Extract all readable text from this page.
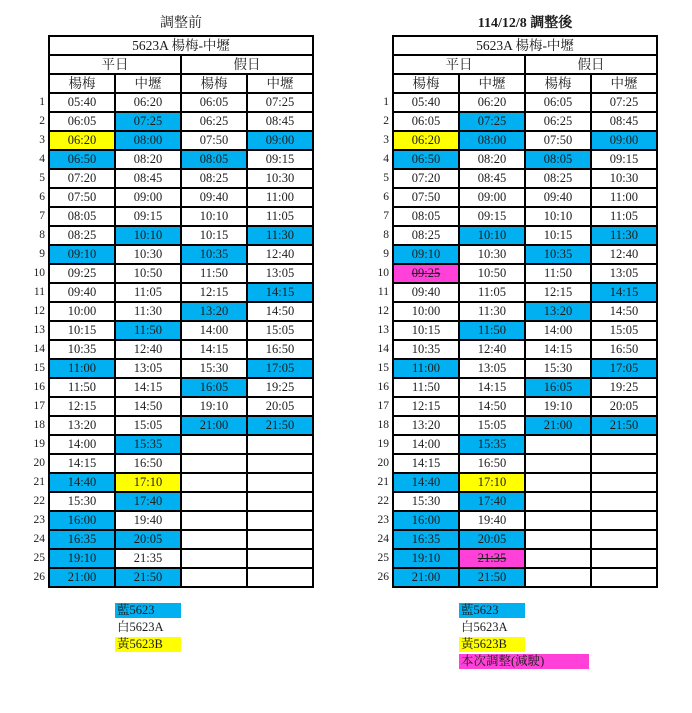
調整前
	5623A 楊梅-中壢			
	平日		假日	
	楊梅	中壢	楊梅	中壢
1	05:40	06:20	06:05	07:25
2	06:05	07:25	06:25	08:45
3	06:20	08:00	07:50	09:00
4	06:50	08:20	08:05	09:15
5	07:20	08:45	08:25	10:30
6	07:50	09:00	09:40	11:00
7	08:05	09:15	10:10	11:05
8	08:25	10:10	10:15	11:30
9	09:10	10:30	10:35	12:40
10	09:25	10:50	11:50	13:05
11	09:40	11:05	12:15	14:15
12	10:00	11:30	13:20	14:50
13	10:15	11:50	14:00	15:05
14	10:35	12:40	14:15	16:50
15	11:00	13:05	15:30	17:05
16	11:50	14:15	16:05	19:25
17	12:15	14:50	19:10	20:05
18	13:20	15:05	21:00	21:50
19	14:00	15:35		
20	14:15	16:50		
21	14:40	17:10		
22	15:30	17:40		
23	16:00	19:40		
24	16:35	20:05		
25	19:10	21:35		
26	21:00	21:50		
藍5623
白5623A
黃5623B
114/12/8 調整後
	5623A 楊梅-中壢			
	平日		假日	
	楊梅	中壢	楊梅	中壢
1	05:40	06:20	06:05	07:25
2	06:05	07:25	06:25	08:45
3	06:20	08:00	07:50	09:00
4	06:50	08:20	08:05	09:15
5	07:20	08:45	08:25	10:30
6	07:50	09:00	09:40	11:00
7	08:05	09:15	10:10	11:05
8	08:25	10:10	10:15	11:30
9	09:10	10:30	10:35	12:40
10	09:25	10:50	11:50	13:05
11	09:40	11:05	12:15	14:15
12	10:00	11:30	13:20	14:50
13	10:15	11:50	14:00	15:05
14	10:35	12:40	14:15	16:50
15	11:00	13:05	15:30	17:05
16	11:50	14:15	16:05	19:25
17	12:15	14:50	19:10	20:05
18	13:20	15:05	21:00	21:50
19	14:00	15:35		
20	14:15	16:50		
21	14:40	17:10		
22	15:30	17:40		
23	16:00	19:40		
24	16:35	20:05		
25	19:10	21:35		
26	21:00	21:50		
藍5623
白5623A
黃5623B
本次調整(減駛)
